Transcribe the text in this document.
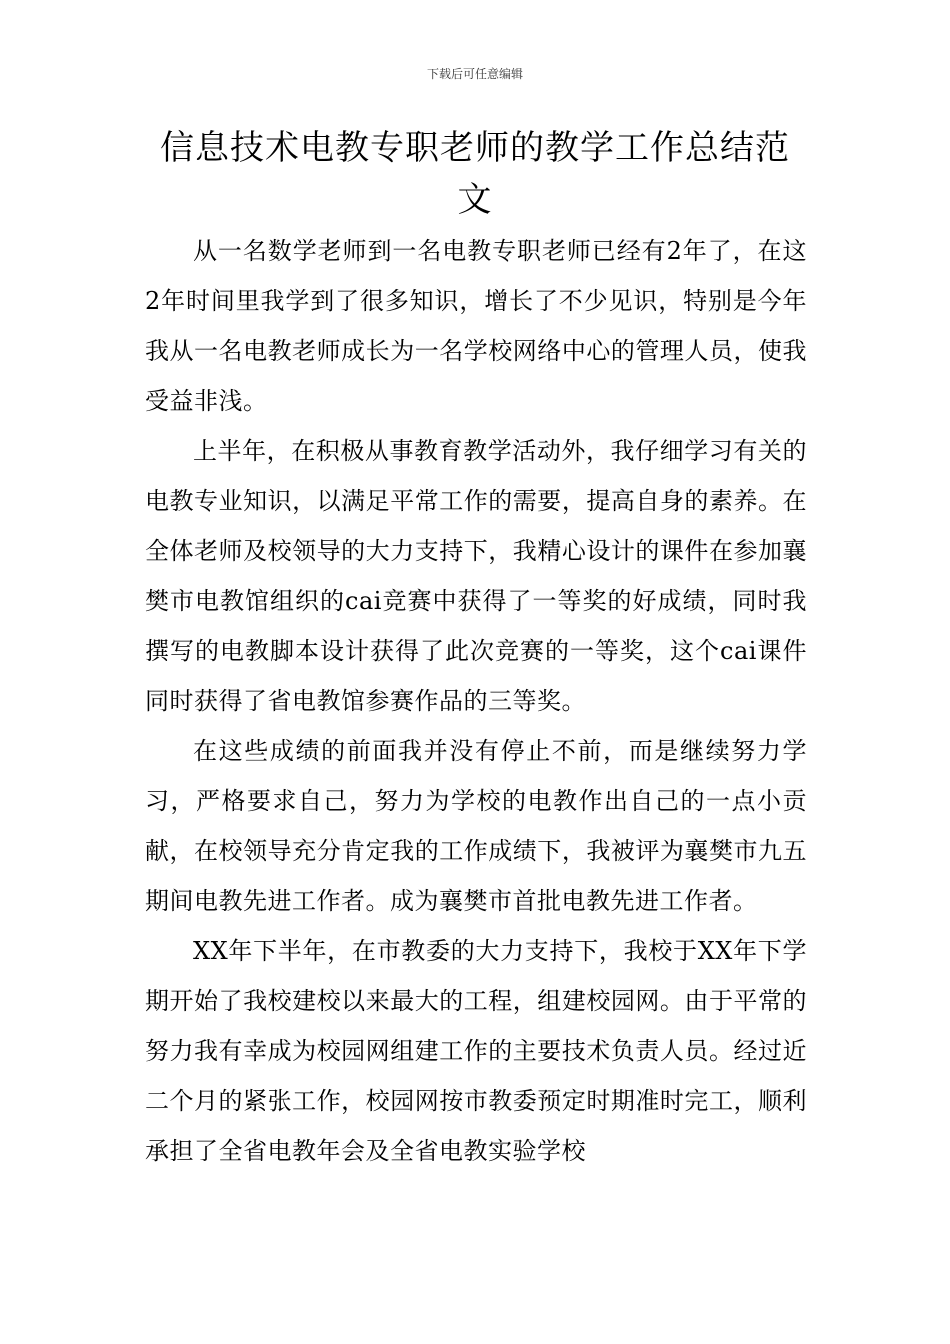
下载后可任意编辑
信息技术电教专职老师的教学工作总结范文

从一名数学老师到一名电教专职老师已经有2年了，在这2年时间里我学到了很多知识，增长了不少见识，特别是今年我从一名电教老师成长为一名学校网络中心的管理人员，使我受益非浅。

上半年，在积极从事教育教学活动外，我仔细学习有关的电教专业知识，以满足平常工作的需要，提高自身的素养。在全体老师及校领导的大力支持下，我精心设计的课件在参加襄樊市电教馆组织的cai竞赛中获得了一等奖的好成绩，同时我撰写的电教脚本设计获得了此次竞赛的一等奖，这个cai课件同时获得了省电教馆参赛作品的三等奖。

在这些成绩的前面我并没有停止不前，而是继续努力学习，严格要求自己，努力为学校的电教作出自己的一点小贡献，在校领导充分肯定我的工作成绩下，我被评为襄樊市九五期间电教先进工作者。成为襄樊市首批电教先进工作者。

XX年下半年，在市教委的大力支持下，我校于XX年下学期开始了我校建校以来最大的工程，组建校园网。由于平常的努力我有幸成为校园网组建工作的主要技术负责人员。经过近二个月的紧张工作，校园网按市教委预定时期准时完工，顺利承担了全省电教年会及全省电教实验学校
